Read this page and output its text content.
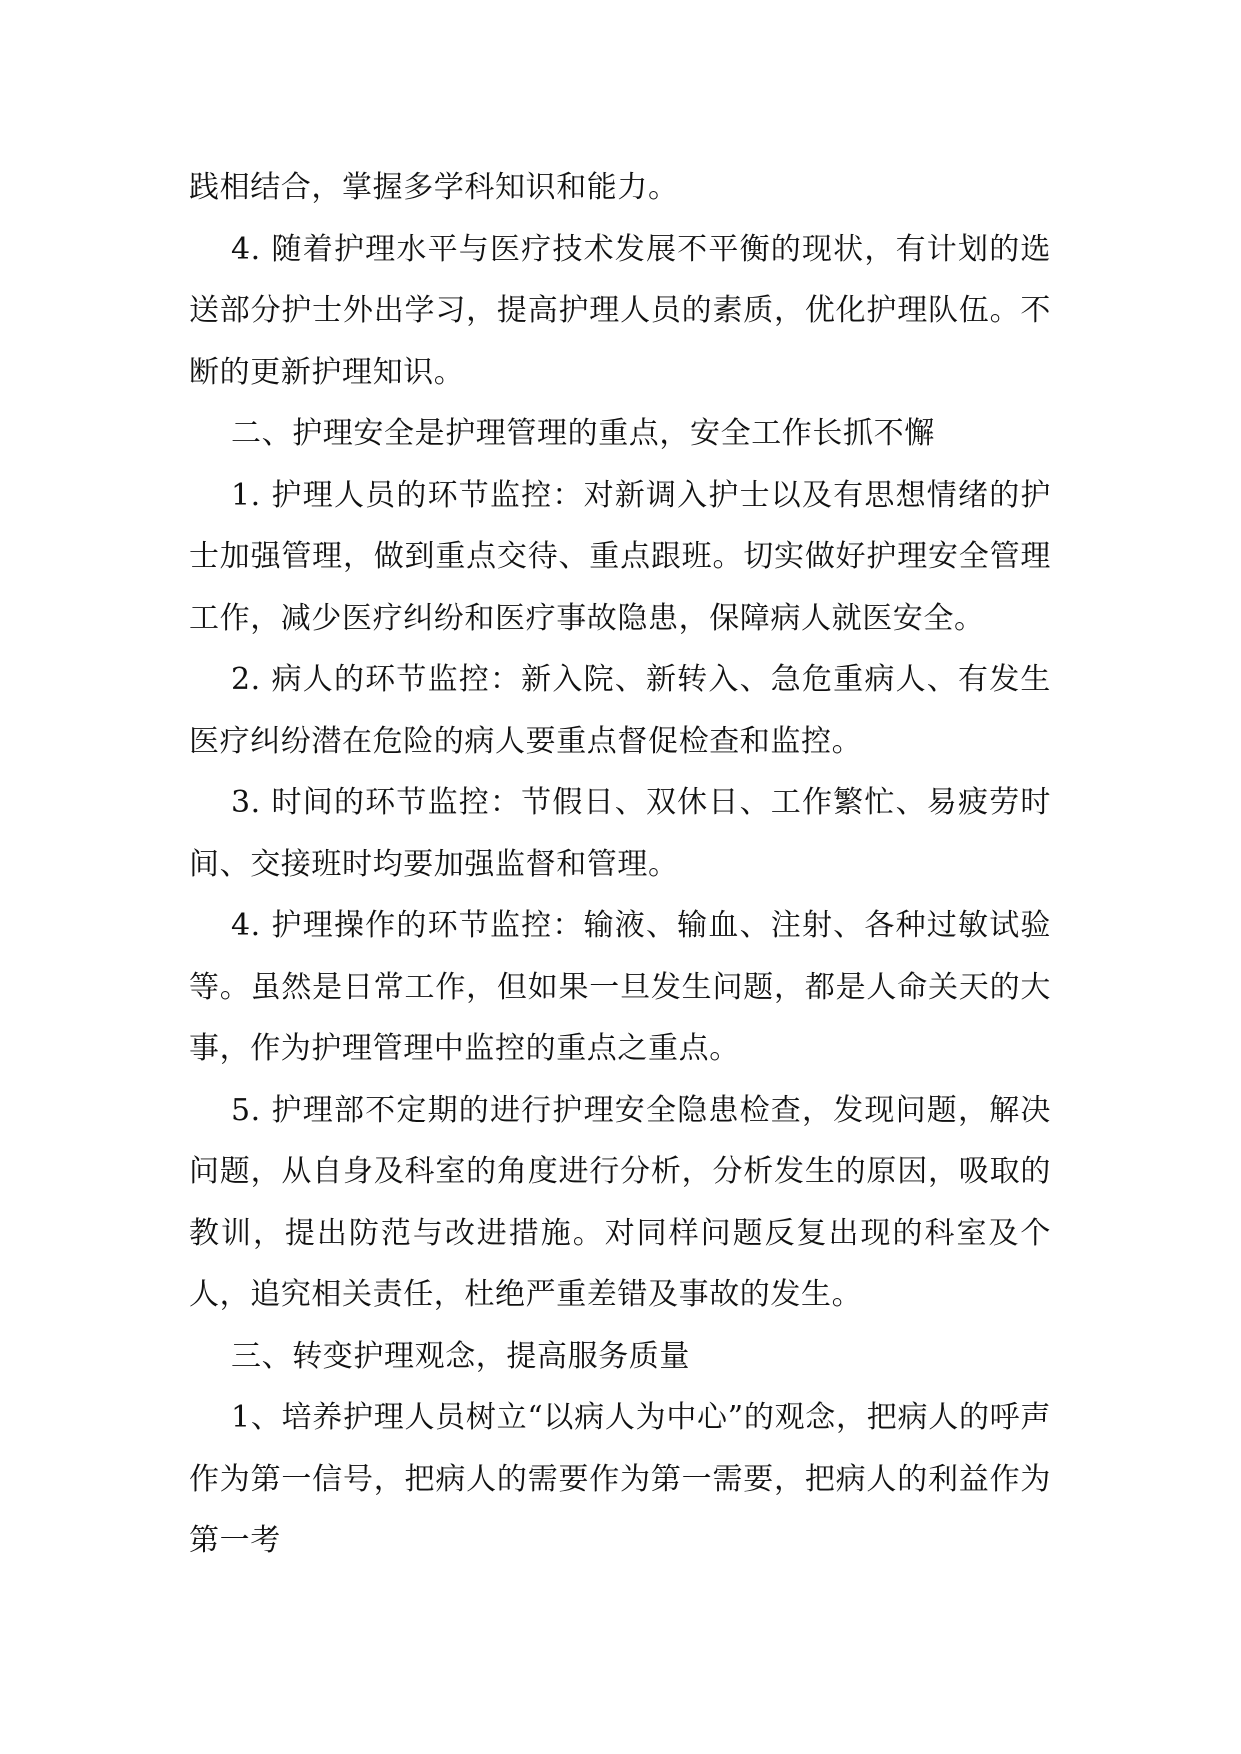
践相结合，掌握多学科知识和能力。

4. 随着护理水平与医疗技术发展不平衡的现状，有计划的选送部分护士外出学习，提高护理人员的素质，优化护理队伍。不断的更新护理知识。

二、护理安全是护理管理的重点，安全工作长抓不懈

1. 护理人员的环节监控：对新调入护士以及有思想情绪的护士加强管理，做到重点交待、重点跟班。切实做好护理安全管理工作，减少医疗纠纷和医疗事故隐患，保障病人就医安全。

2. 病人的环节监控：新入院、新转入、急危重病人、有发生医疗纠纷潜在危险的病人要重点督促检查和监控。

3. 时间的环节监控：节假日、双休日、工作繁忙、易疲劳时间、交接班时均要加强监督和管理。

4. 护理操作的环节监控：输液、输血、注射、各种过敏试验等。虽然是日常工作，但如果一旦发生问题，都是人命关天的大事，作为护理管理中监控的重点之重点。

5. 护理部不定期的进行护理安全隐患检查，发现问题，解决问题，从自身及科室的角度进行分析，分析发生的原因，吸取的教训，提出防范与改进措施。对同样问题反复出现的科室及个人，追究相关责任，杜绝严重差错及事故的发生。

三、转变护理观念，提高服务质量

1、培养护理人员树立“以病人为中心”的观念，把病人的呼声作为第一信号，把病人的需要作为第一需要，把病人的利益作为第一考
